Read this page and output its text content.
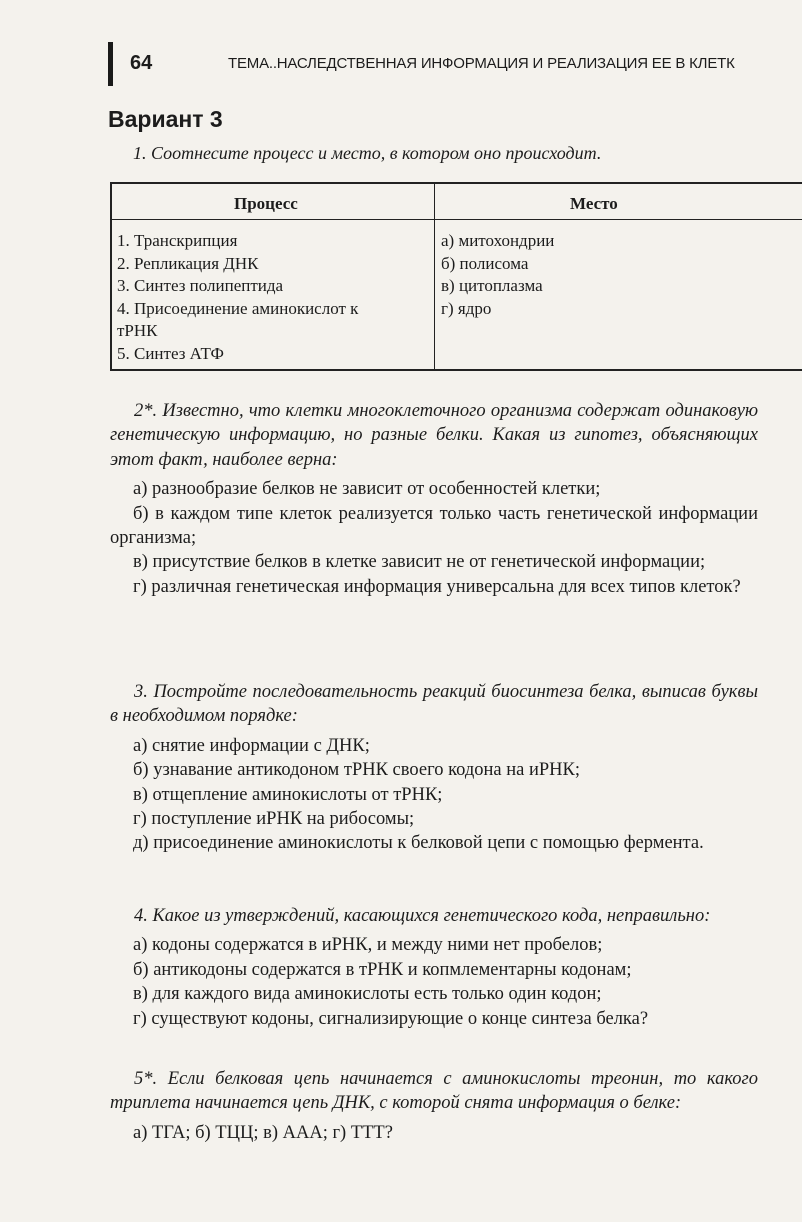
64	ТЕМА..НАСЛЕДСТВЕННАЯ ИНФОРМАЦИЯ И РЕАЛИЗАЦИЯ ЕЕ В КЛЕТК
Вариант 3
1. Соотнесите процесс и место, в котором оно происходит.
Процесс	Место
1. Транскрипция
2. Репликация ДНК
3. Синтез полипептида
4. Присоединение аминокислот к
тРНК
5. Синтез АТФ
а) митохондрии
б) полисома
в) цитоплазма
г) ядро
2*. Известно, что клетки многоклеточного организма содержат одинаковую генетическую информацию, но разные белки. Какая из гипотез, объясняющих этот факт, наиболее верна:
а) разнообразие белков не зависит от особенностей клетки;
б) в каждом типе клеток реализуется только часть генетической информации организма;
в) присутствие белков в клетке зависит не от генетической информации;
г) различная генетическая информация универсальна для всех типов клеток?
3. Постройте последовательность реакций биосинтеза белка, выписав буквы в необходимом порядке:
а) снятие информации с ДНК;
б) узнавание антикодоном тРНК своего кодона на иРНК;
в) отщепление аминокислоты от тРНК;
г) поступление иРНК на рибосомы;
д) присоединение аминокислоты к белковой цепи с помощью фермента.
4. Какое из утверждений, касающихся генетического кода, неправильно:
а) кодоны содержатся в иРНК, и между ними нет пробелов;
б) антикодоны содержатся в тРНК и копмлементарны кодонам;
в) для каждого вида аминокислоты есть только один кодон;
г) существуют кодоны, сигнализирующие о конце синтеза белка?
5*. Если белковая цепь начинается с аминокислоты треонин, то какого триплета начинается цепь ДНК, с которой снята информация о белке:
а) ТГА; б) ТЦЦ; в) ААА; г) ТТТ?
